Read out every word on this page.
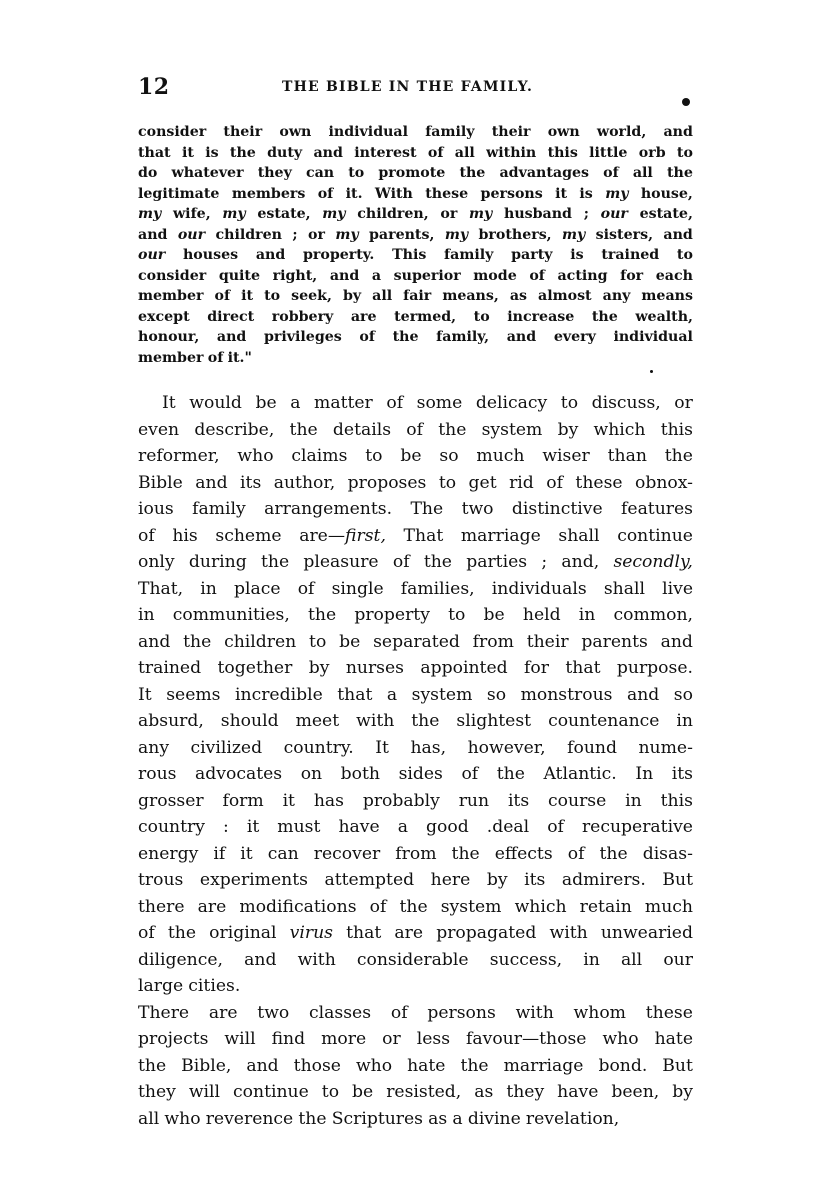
12	THE BIBLE IN THE FAMILY.
consider their own individual family their own world, and
that it is the duty and interest of all within this little orb to
do whatever they can to promote the advantages of all the
legitimate members of it. With these persons it is my house,
my wife, my estate, my children, or my husband ; our estate,
and our children ; or my parents, my brothers, my sisters, and
our houses and property. This family party is trained to
consider quite right, and a superior mode of acting for each
member of it to seek, by all fair means, as almost any means
except direct robbery are termed, to increase the wealth,
honour, and privileges of the family, and every individual
member of it."
It would be a matter of some delicacy to discuss, or
even describe, the details of the system by which this
reformer, who claims to be so much wiser than the
Bible and its author, proposes to get rid of these obnox-
ious family arrangements. The two distinctive features
of his scheme are—first, That marriage shall continue
only during the pleasure of the parties ; and, secondly,
That, in place of single families, individuals shall live
in communities, the property to be held in common,
and the children to be separated from their parents and
trained together by nurses appointed for that purpose.
It seems incredible that a system so monstrous and so
absurd, should meet with the slightest countenance in
any civilized country. It has, however, found nume-
rous advocates on both sides of the Atlantic. In its
grosser form it has probably run its course in this
country : it must have a good .deal of recuperative
energy if it can recover from the effects of the disas-
trous experiments attempted here by its admirers. But
there are modifications of the system which retain much
of the original virus that are propagated with unwearied
diligence, and with considerable success, in all our
large cities.
There are two classes of persons with whom these
projects will find more or less favour—those who hate
the Bible, and those who hate the marriage bond. But
they will continue to be resisted, as they have been, by
all who reverence the Scriptures as a divine revelation,
